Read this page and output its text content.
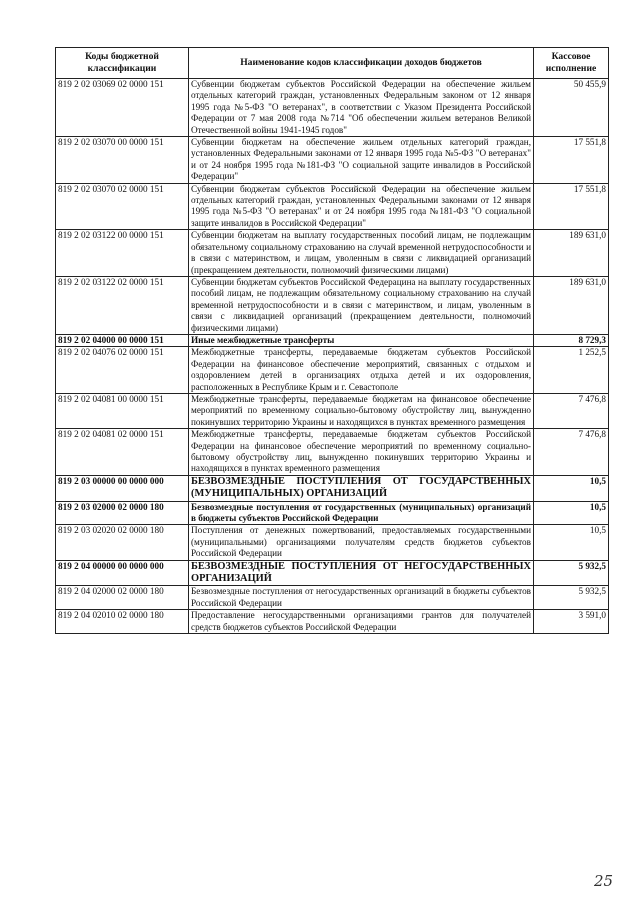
Коды бюджетной классификации	Наименование кодов классификации доходов бюджетов	Кассовое исполнение
819 2 02 03069 02 0000 151	Субвенции бюджетам субъектов Российской Федерации на обеспечение жильем отдельных категорий граждан, установленных Федеральным законом от 12 января 1995 года №5-ФЗ "О ветеранах", в соответствии с Указом Президента Российской Федерации от 7 мая 2008 года №714 "Об обеспечении жильем ветеранов Великой Отечественной войны 1941-1945 годов"	50 455,9
819 2 02 03070 00 0000 151	Субвенции бюджетам на обеспечение жильем отдельных категорий граждан, установленных Федеральными законами от 12 января 1995 года №5-ФЗ "О ветеранах" и от 24 ноября 1995 года №181-ФЗ "О социальной защите инвалидов в Российской Федерации"	17 551,8
819 2 02 03070 02 0000 151	Субвенции бюджетам субъектов Российской Федерации на обеспечение жильем отдельных категорий граждан, установленных Федеральными законами от 12 января 1995 года №5-ФЗ "О ветеранах" и от 24 ноября 1995 года №181-ФЗ "О социальной защите инвалидов в Российской Федерации"	17 551,8
819 2 02 03122 00 0000 151	Субвенции бюджетам на выплату государственных пособий лицам, не подлежащим обязательному социальному страхованию на случай временной нетрудоспособности и в связи с материнством, и лицам, уволенным в связи с ликвидацией организаций (прекращением деятельности, полномочий физическими лицами)	189 631,0
819 2 02 03122 02 0000 151	Субвенции бюджетам субъектов Российской Федерацина на выплату государственных пособий лицам, не подлежащим обязательному социальному страхованию на случай временной нетрудоспособности и в связи с материнством, и лицам, уволенным в связи с ликвидацией организаций (прекращением деятельности, полномочий физическими лицами)	189 631,0
819 2 02 04000 00 0000 151	Иные межбюджетные трансферты	8 729,3
819 2 02 04076 02 0000 151	Межбюджетные трансферты, передаваемые бюджетам субъектов Российской Федерации на финансовое обеспечение мероприятий, связанных с отдыхом и оздоровлением детей в организациях отдыха детей и их оздоровления, расположенных в Республике Крым и г. Севастополе	1 252,5
819 2 02 04081 00 0000 151	Межбюджетные трансферты, передаваемые бюджетам на финансовое обеспечение мероприятий по временному социально-бытовому обустройству лиц, вынужденно покинувших территорию Украины и находящихся в пунктах временного размещения	7 476,8
819 2 02 04081 02 0000 151	Межбюджетные трансферты, передаваемые бюджетам субъектов Российской Федерации на финансовое обеспечение мероприятий по временному социально-бытовому обустройству лиц, вынужденно покинувших территорию Украины и находящихся в пунктах временного размещения	7 476,8
819 2 03 00000 00 0000 000	БЕЗВОЗМЕЗДНЫЕ ПОСТУПЛЕНИЯ ОТ ГОСУДАРСТВЕННЫХ (МУНИЦИПАЛЬНЫХ) ОРГАНИЗАЦИЙ	10,5
819 2 03 02000 02 0000 180	Безвозмездные поступления от государственных (муниципальных) организаций в бюджеты субъектов Российской Федерации	10,5
819 2 03 02020 02 0000 180	Поступления от денежных пожертвований, предоставляемых государственными (муниципальными) организациями получателям средств бюджетов субъектов Российской Федерации	10,5
819 2 04 00000 00 0000 000	БЕЗВОЗМЕЗДНЫЕ ПОСТУПЛЕНИЯ ОТ НЕГОСУДАРСТВЕННЫХ ОРГАНИЗАЦИЙ	5 932,5
819 2 04 02000 02 0000 180	Безвозмездные поступления от негосударственных организаций в бюджеты субъектов Российской Федерации	5 932,5
819 2 04 02010 02 0000 180	Предоставление негосударственными организациями грантов для получателей средств бюджетов субъектов Российской Федерации	3 591,0
25
